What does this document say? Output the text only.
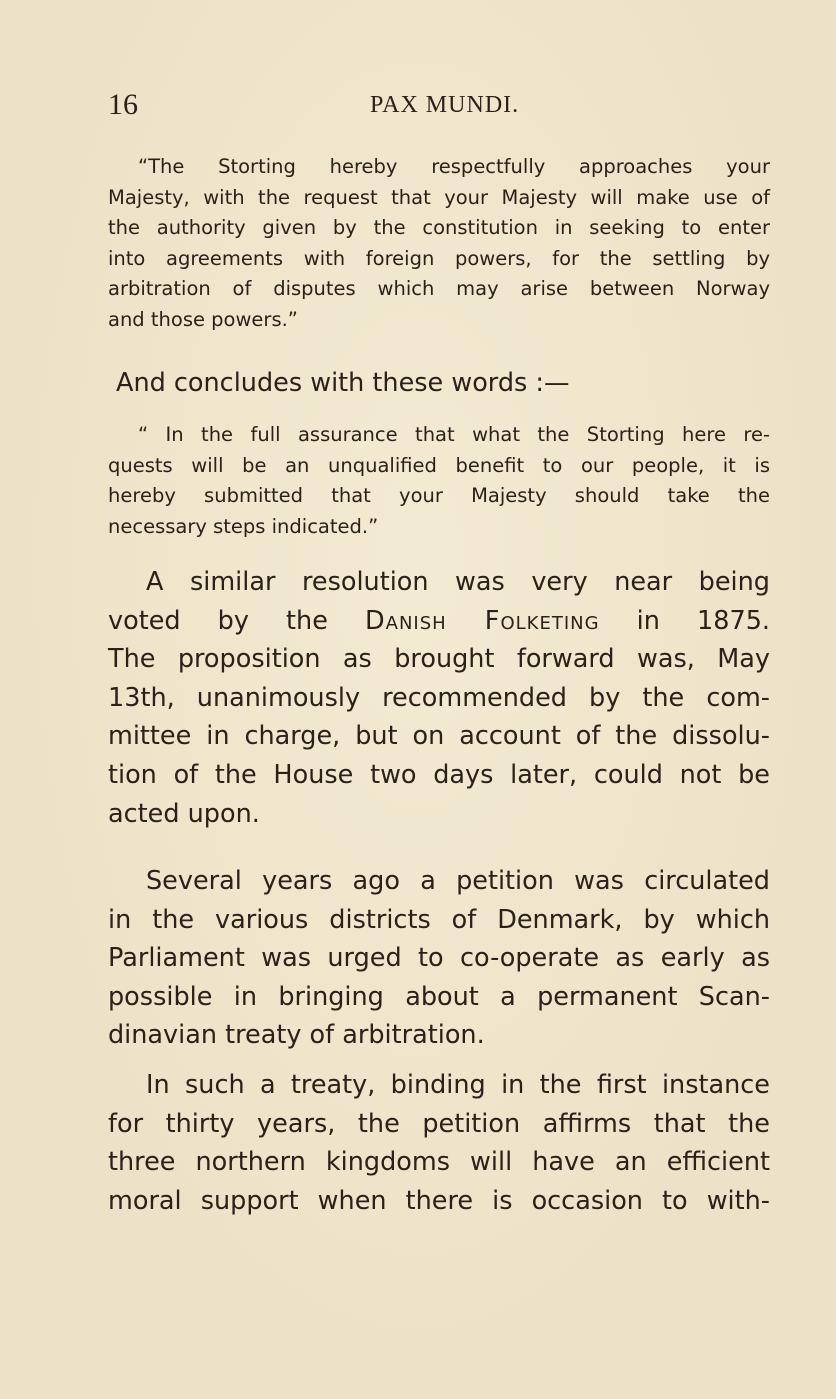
16	PAX MUNDI.
“The Storting hereby respectfully approaches your
Majesty, with the request that your Majesty will make use of
the authority given by the constitution in seeking to enter
into agreements with foreign powers, for the settling by
arbitration of disputes which may arise between Norway
and those powers.”
And concludes with these words :—
“ In the full assurance that what the Storting here re-
quests will be an unqualified benefit to our people, it is
hereby submitted that your Majesty should take the
necessary steps indicated.”
A similar resolution was very near being
voted by the Danish Folketing in 1875.
The proposition as brought forward was, May
13th, unanimously recommended by the com-
mittee in charge, but on account of the dissolu-
tion of the House two days later, could not be
acted upon.
Several years ago a petition was circulated
in the various districts of Denmark, by which
Parliament was urged to co-operate as early as
possible in bringing about a permanent Scan-
dinavian treaty of arbitration.
In such a treaty, binding in the first instance
for thirty years, the petition affirms that the
three northern kingdoms will have an efficient
moral support when there is occasion to with-
